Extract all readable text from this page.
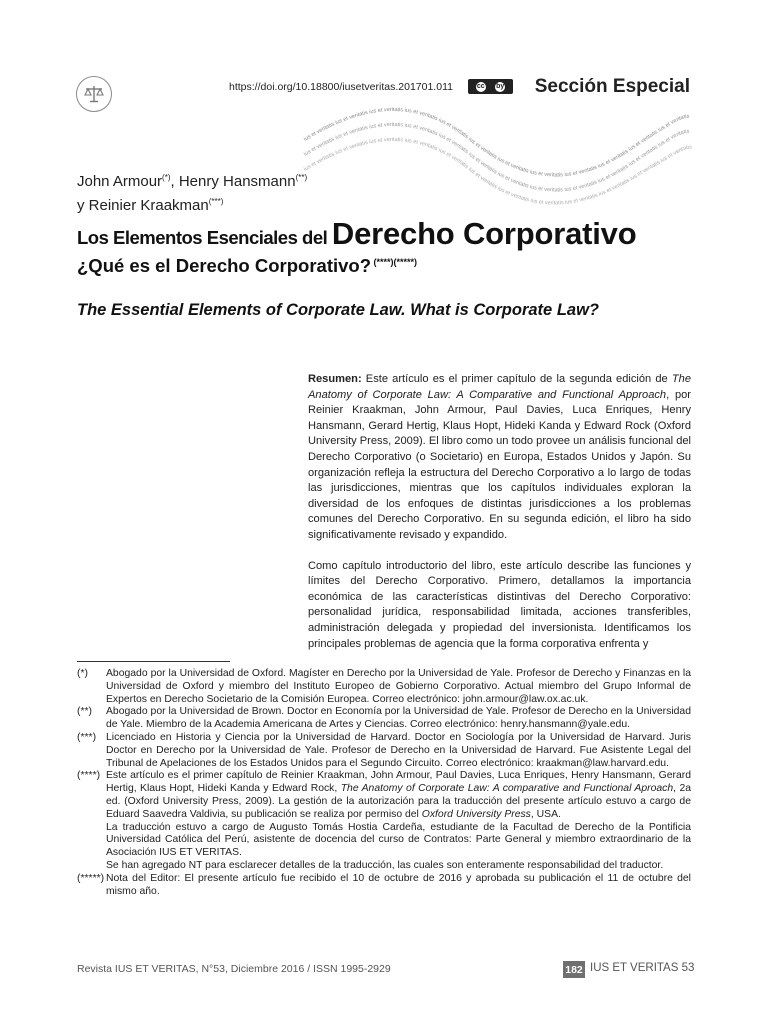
https://doi.org/10.18800/iusetveritas.201701.011	cc by	Sección Especial
ius et veritatis ius et veritatis ius et veritatis ius et veritatis ius et veritatis ius et veritatis ius et veritatis ius et veritatis ius et veritatis ius et veritatis ius et veritatis ius et veritatis
ius et veritatis ius et veritatis ius et veritatis ius et veritatis ius et veritatis ius et veritatis ius et veritatis ius et veritatis ius et veritatis ius et veritatis ius et veritatis ius et veritatis
ius et veritatis ius et veritatis ius et veritatis ius et veritatis ius et veritatis ius et veritatis ius et veritatis ius et veritatis ius et veritatis ius et veritatis ius et veritatis ius et veritatis
John Armour(*), Henry Hansmann(**)
y Reinier Kraakman(***)
Los Elementos Esenciales del Derecho Corporativo
¿Qué es el Derecho Corporativo? (****)(*****)
The Essential Elements of Corporate Law. What is Corporate Law?

Resumen: Este artículo es el primer capítulo de la segunda edición de The Anatomy of Corporate Law: A Comparative and Functional Approach, por Reinier Kraakman, John Armour, Paul Davies, Luca Enriques, Henry Hansmann, Gerard Hertig, Klaus Hopt, Hideki Kanda y Edward Rock (Oxford University Press, 2009). El libro como un todo provee un análisis funcional del Derecho Corporativo (o Societario) en Europa, Estados Unidos y Japón. Su organización refleja la estructura del Derecho Corporativo a lo largo de todas las jurisdicciones, mientras que los capítulos individuales exploran la diversidad de los enfoques de distintas jurisdicciones a los problemas comunes del Derecho Corporativo. En su segunda edición, el libro ha sido significativamente revisado y expandido.

Como capítulo introductorio del libro, este artículo describe las funciones y límites del Derecho Corporativo. Primero, detallamos la importancia económica de las características distintivas del Derecho Corporativo: personalidad jurídica, responsabilidad limitada, acciones transferibles, administración delegada y propiedad del inversionista. Identificamos los principales problemas de agencia que la forma corporativa enfrenta y

(*)	Abogado por la Universidad de Oxford. Magíster en Derecho por la Universidad de Yale. Profesor de Derecho y Finanzas en la Universidad de Oxford y miembro del Instituto Europeo de Gobierno Corporativo. Actual miembro del Grupo Informal de Expertos en Derecho Societario de la Comisión Europea. Correo electrónico: john.armour@law.ox.ac.uk.
(**)	Abogado por la Universidad de Brown. Doctor en Economía por la Universidad de Yale. Profesor de Derecho en la Universidad de Yale. Miembro de la Academia Americana de Artes y Ciencias. Correo electrónico: henry.hansmann@yale.edu.
(***) Licenciado en Historia y Ciencia por la Universidad de Harvard. Doctor en Sociología por la Universidad de Harvard. Juris Doctor en Derecho por la Universidad de Yale. Profesor de Derecho en la Universidad de Harvard. Fue Asistente Legal del Tribunal de Apelaciones de los Estados Unidos para el Segundo Circuito. Correo electrónico: kraakman@law.harvard.edu.
(****) Este artículo es el primer capítulo de Reinier Kraakman, John Armour, Paul Davies, Luca Enriques, Henry Hansmann, Gerard Hertig, Klaus Hopt, Hideki Kanda y Edward Rock, The Anatomy of Corporate Law: A comparative and Functional Aproach, 2a ed. (Oxford University Press, 2009). La gestión de la autorización para la traducción del presente artículo estuvo a cargo de Eduard Saavedra Valdivia, su publicación se realiza por permiso del Oxford University Press, USA.

La traducción estuvo a cargo de Augusto Tomás Hostia Cardeña, estudiante de la Facultad de Derecho de la Pontificia Universidad Católica del Perú, asistente de docencia del curso de Contratos: Parte General y miembro extraordinario de la Asociación IUS ET VERITAS.

Se han agregado NT para esclarecer detalles de la traducción, las cuales son enteramente responsabilidad del traductor.

(*****) Nota del Editor: El presente artículo fue recibido el 10 de octubre de 2016 y aprobada su publicación el 11 de octubre del mismo año.
Revista IUS ET VERITAS, N°53, Diciembre 2016 / ISSN 1995-2929	182 IUS ET VERITAS 53
